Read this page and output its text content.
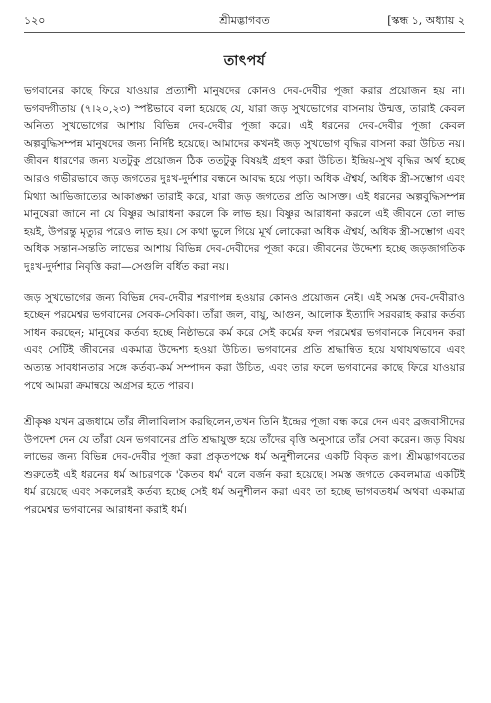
১২০	শ্রীমদ্ভাগবত	[স্কন্ধ ১, অধ্যায় ২
তাৎপর্য

ভগবানের কাছে ফিরে যাওয়ার প্রত্যাশী মানুষদের কোনও দেব-দেবীর পূজা করার প্রয়োজন হয় না। ভগবদ্গীতায় (৭।২০,২৩) স্পষ্টভাবে বলা হয়েছে যে, যারা জড় সুখভোগের বাসনায় উন্মত্ত, তারাই কেবল অনিত্য সুখভোগের আশায় বিভিন্ন দেব-দেবীর পূজা করে। এই ধরনের দেব-দেবীর পূজা কেবল অল্পবুদ্ধিসম্পন্ন মানুষদের জন্য নির্দিষ্ট হয়েছে। আমাদের কখনই জড় সুখভোগ বৃদ্ধির বাসনা করা উচিত নয়। জীবন ধারণের জন্য যতটুকু প্রয়োজন ঠিক ততটুকু বিষয়ই গ্রহণ করা উচিত। ইন্দ্রিয়-সুখ বৃদ্ধির অর্থ হচ্ছে আরও গভীরভাবে জড় জগতের দুঃখ-দুর্দশার বন্ধনে আবদ্ধ হয়ে পড়া। অধিক ঐশ্বর্য, অধিক স্ত্রী-সম্ভোগ এবং মিথ্যা আভিজাত্যের আকাঙ্ক্ষা তারাই করে, যারা জড় জগতের প্রতি আসক্ত। এই ধরনের অল্পবুদ্ধিসম্পন্ন মানুষেরা জানে না যে বিষ্ণুর আরাধনা করলে কি লাভ হয়। বিষ্ণুর আরাধনা করলে এই জীবনে তো লাভ হয়ই, উপরন্তু মৃত্যুর পরেও লাভ হয়। সে কথা ভুলে গিয়ে মূর্খ লোকেরা অধিক ঐশ্বর্য, অধিক স্ত্রী-সম্ভোগ এবং অধিক সন্তান-সন্ততি লাভের আশায় বিভিন্ন দেব-দেবীদের পূজা করে। জীবনের উদ্দেশ্য হচ্ছে জড়জাগতিক দুঃখ-দুর্দশার নিবৃত্তি করা—সেগুলি বর্ধিত করা নয়।

জড় সুখভোগের জন্য বিভিন্ন দেব-দেবীর শরণাপন্ন হওয়ার কোনও প্রয়োজন নেই। এই সমস্ত দেব-দেবীরাও হচ্ছেন পরমেশ্বর ভগবানের সেবক-সেবিকা। তাঁরা জল, বায়ু, আগুন, আলোক ইত্যাদি সরবরাহ করার কর্তব্য সাধন করছেন; মানুষের কর্তব্য হচ্ছে নিষ্ঠাভরে কর্ম করে সেই কর্মের ফল পরমেশ্বর ভগবানকে নিবেদন করা এবং সেটিই জীবনের একমাত্র উদ্দেশ্য হওয়া উচিত। ভগবানের প্রতি শ্রদ্ধান্বিত হয়ে যথাযথভাবে এবং অত্যন্ত সাবধানতার সঙ্গে কর্তব্য-কর্ম সম্পাদন করা উচিত, এবং তার ফলে ভগবানের কাছে ফিরে যাওয়ার পথে আমরা ক্রমান্বয়ে অগ্রসর হতে পারব।

শ্রীকৃষ্ণ যখন ব্রজধামে তাঁর লীলাবিলাস করছিলেন,তখন তিনি ইন্দ্রের পূজা বন্ধ করে দেন এবং ব্রজবাসীদের উপদেশ দেন যে তাঁরা যেন ভগবানের প্রতি শ্রদ্ধাযুক্ত হয়ে তাঁদের বৃত্তি অনুসারে তাঁর সেবা করেন। জড় বিষয় লাভের জন্য বিভিন্ন দেব-দেবীর পূজা করা প্রকৃতপক্ষে ধর্ম অনুশীলনের একটি বিকৃত রূপ। শ্রীমদ্ভাগবতের শুরুতেই এই ধরনের ধর্ম আচরণকে 'কৈতব ধর্ম' বলে বর্জন করা হয়েছে। সমস্ত জগতে কেবলমাত্র একটিই ধর্ম রয়েছে এবং সকলেরই কর্তব্য হচ্ছে সেই ধর্ম অনুশীলন করা এবং তা হচ্ছে ভাগবতধর্ম অথবা একমাত্র পরমেশ্বর ভগবানের আরাধনা করাই ধর্ম।
